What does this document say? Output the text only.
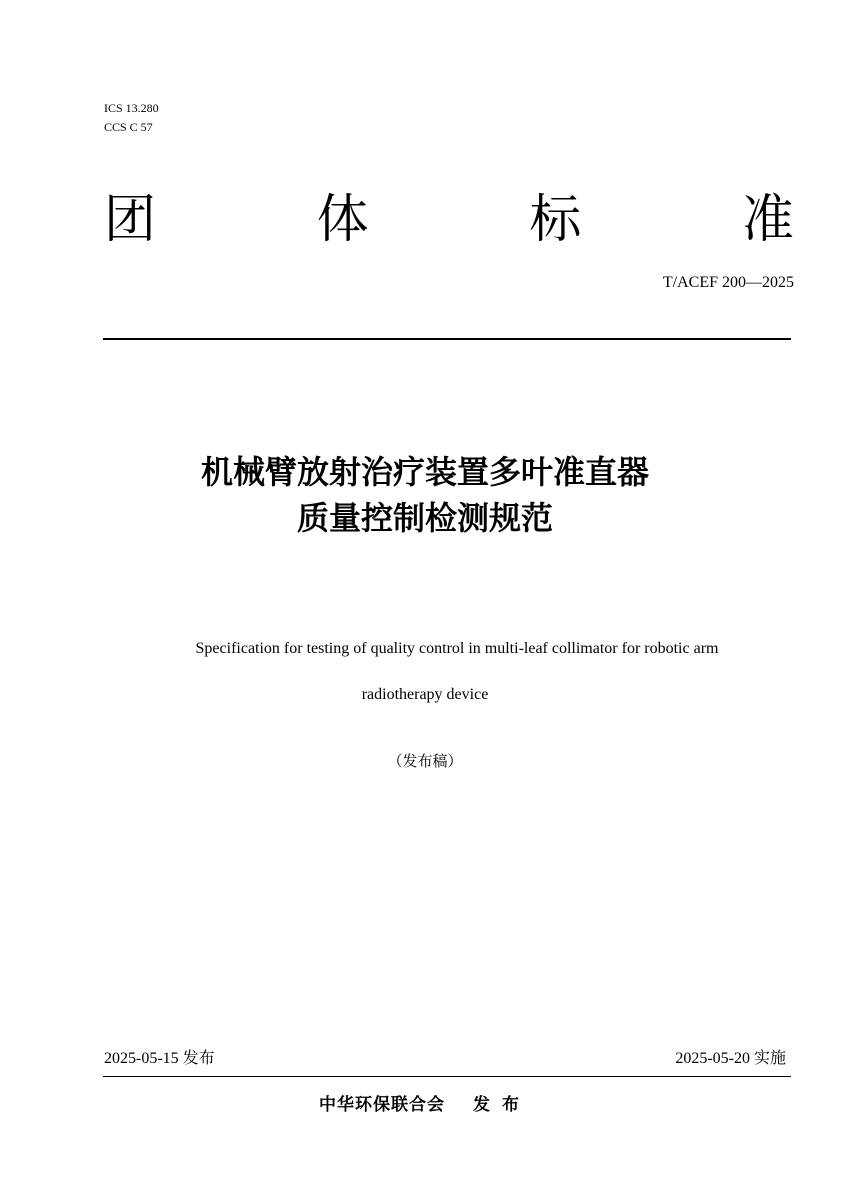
ICS 13.280
CCS C 57
团	体	标	准
T/ACEF 200—2025
机械臂放射治疗装置多叶准直器
质量控制检测规范
Specification for testing of quality control in multi-leaf collimator for robotic arm
radiotherapy device
（发布稿）
2025-05-15 发布	2025-05-20 实施
中华环保联合会 发布
